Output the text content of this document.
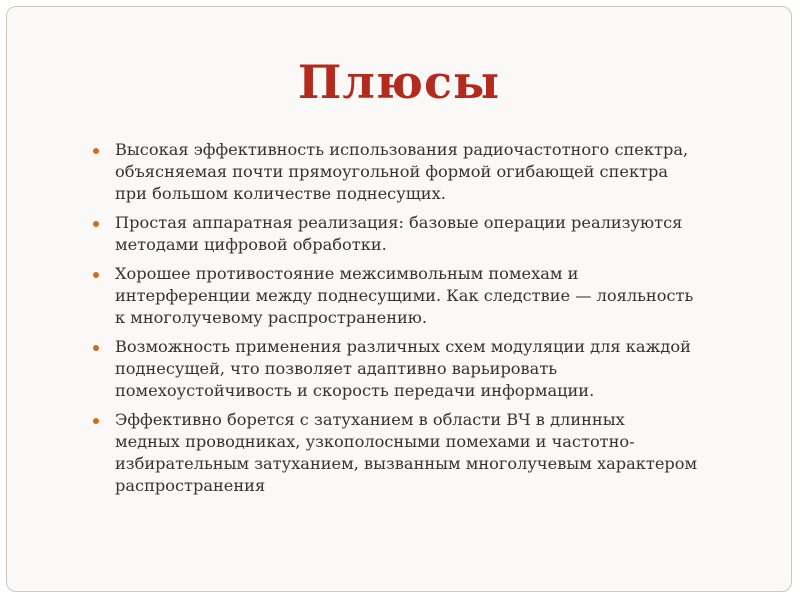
Плюсы
Высокая эффективность использования радиочастотного спектра,
объясняемая почти прямоугольной формой огибающей спектра
при большом количестве поднесущих.
Простая аппаратная реализация: базовые операции реализуются
методами цифровой обработки.
Хорошее противостояние межсимвольным помехам и
интерференции между поднесущими. Как следствие — лояльность
к многолучевому распространению.
Возможность применения различных схем модуляции для каждой
поднесущей, что позволяет адаптивно варьировать
помехоустойчивость и скорость передачи информации.
Эффективно борется с затуханием в области ВЧ в длинных
медных проводниках, узкополосными помехами и частотно-
избирательным затуханием, вызванным многолучевым характером
распространения
